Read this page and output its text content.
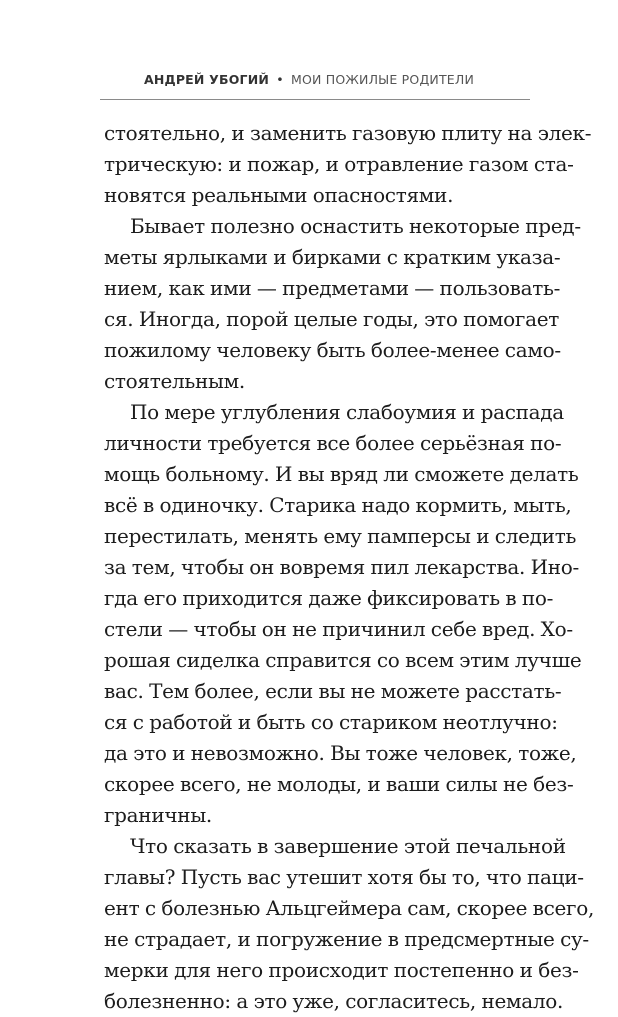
АНДРЕЙ УБОГИЙ • МОИ ПОЖИЛЫЕ РОДИТЕЛИ
стоятельно, и заменить газовую плиту на элек-
трическую: и пожар, и отравление газом ста-
новятся реальными опасностями.
Бывает полезно оснастить некоторые пред-
меты ярлыками и бирками с кратким указа-
нием, как ими — предметами — пользовать-
ся. Иногда, порой целые годы, это помогает
пожилому человеку быть более-менее само-
стоятельным.
По мере углубления слабоумия и распада
личности требуется все более серьёзная по-
мощь больному. И вы вряд ли сможете делать
всё в одиночку. Старика надо кормить, мыть,
перестилать, менять ему памперсы и следить
за тем, чтобы он вовремя пил лекарства. Ино-
гда его приходится даже фиксировать в по-
стели — чтобы он не причинил себе вред. Хо-
рошая сиделка справится со всем этим лучше
вас. Тем более, если вы не можете расстать-
ся с работой и быть со стариком неотлучно:
да это и невозможно. Вы тоже человек, тоже,
скорее всего, не молоды, и ваши силы не без-
граничны.
Что сказать в завершение этой печальной
главы? Пусть вас утешит хотя бы то, что паци-
ент с болезнью Альцгеймера сам, скорее всего,
не страдает, и погружение в предсмертные су-
мерки для него происходит постепенно и без-
болезненно: а это уже, согласитесь, немало.
